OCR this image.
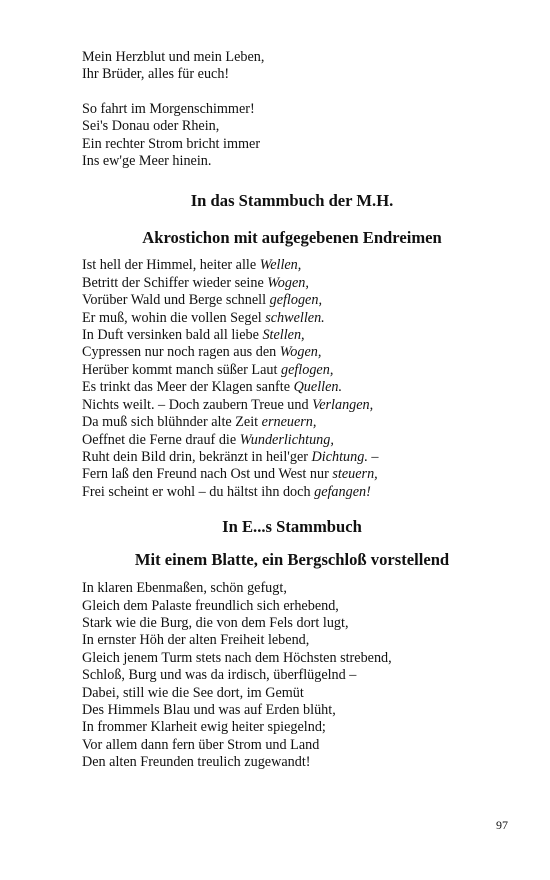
Mein Herzblut und mein Leben,
Ihr Brüder, alles für euch!
So fahrt im Morgenschimmer!
Sei's Donau oder Rhein,
Ein rechter Strom bricht immer
Ins ew'ge Meer hinein.
In das Stammbuch der M.H.
Akrostichon mit aufgegebenen Endreimen
Ist hell der Himmel, heiter alle Wellen,
Betritt der Schiffer wieder seine Wogen,
Vorüber Wald und Berge schnell geflogen,
Er muß, wohin die vollen Segel schwellen.
In Duft versinken bald all liebe Stellen,
Cypressen nur noch ragen aus den Wogen,
Herüber kommt manch süßer Laut geflogen,
Es trinkt das Meer der Klagen sanfte Quellen.
Nichts weilt. – Doch zaubern Treue und Verlangen,
Da muß sich blühnder alte Zeit erneuern,
Oeffnet die Ferne drauf die Wunderlichtung,
Ruht dein Bild drin, bekränzt in heil'ger Dichtung. –
Fern laß den Freund nach Ost und West nur steuern,
Frei scheint er wohl – du hältst ihn doch gefangen!
In E...s Stammbuch
Mit einem Blatte, ein Bergschloß vorstellend
In klaren Ebenmaßen, schön gefugt,
Gleich dem Palaste freundlich sich erhebend,
Stark wie die Burg, die von dem Fels dort lugt,
In ernster Höh der alten Freiheit lebend,
Gleich jenem Turm stets nach dem Höchsten strebend,
Schloß, Burg und was da irdisch, überflügelnd –
Dabei, still wie die See dort, im Gemüt
Des Himmels Blau und was auf Erden blüht,
In frommer Klarheit ewig heiter spiegelnd;
Vor allem dann fern über Strom und Land
Den alten Freunden treulich zugewandt!
97
